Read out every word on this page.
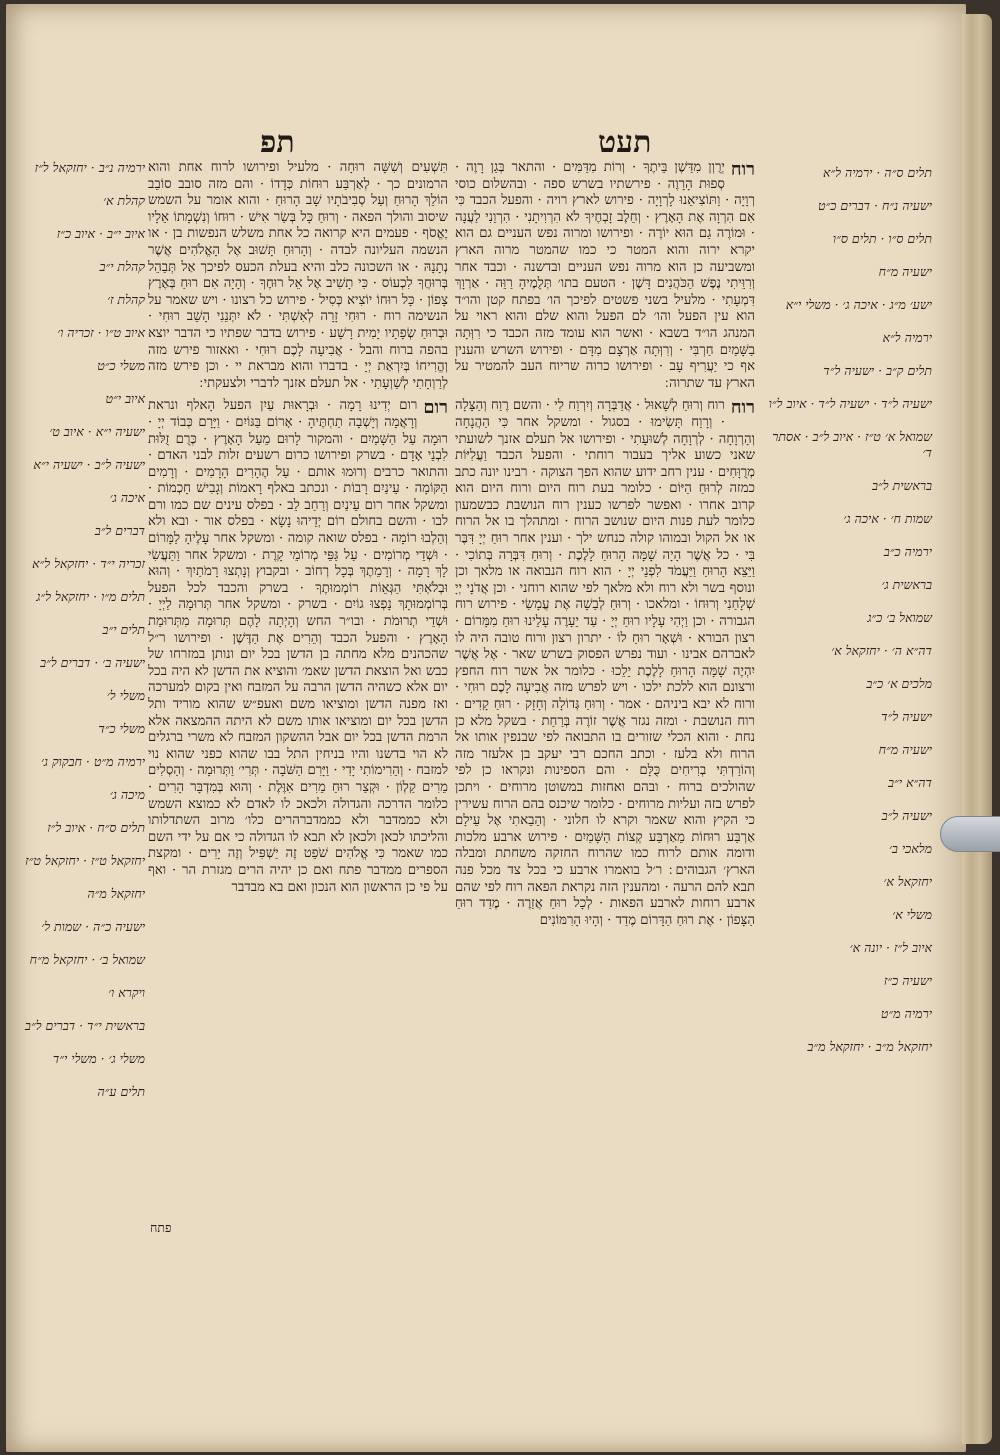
תפ	תעט
רוח

יְרֻוְן מִדַּשֶׁן בֵּיתֶךָ · וְרוֹת מִדַּמִּים · והתאר בְּגַן רָוֶה · סְפוּת הָרָוֶה · פירשתיו בשרש ספה · ובהשלום כוסי רְוָיָה · וַתּוֹצִיאֵנוּ לָרְוָיָה · פירוש לארץ רויה · והפעל הכבד כִּי אִם הִרְוָה אֶת הָאָרֶץ · וְחֵלֶב זָבְחֶיךָ לֹא הִרְוִיתָנִי · הִרְוֵנִי לַעֲנָה · וּמוֹרֶה גַם הוּא יוֹרֶה · ופירושו ומרוה נפש העניים גם הוא יקרא ירוה והוא המטר כי כמו שהמטר מרוה הארץ ומשביעה כן הוא מרוה נפש העניים ובדשנה · וכבד אחר וְרִוֵּיתִי נֶפֶשׁ הַכֹּהֲנִים דָּשֶׁן · הטעם בתו׳ תְּלֻמֶיהָ רַוֵּה · אַרְוָךְ דִּמְעָתִי · מלעיל בשני פשטים לפיכך הו׳ בפתח קטן והו״ד הוא עין הפעל והו׳ לם הפעל והוא שלם והוא ראוי על המנהג הו״ד בשבא · ואשר הוא עומד מזה הכבד כי רִוְּתָה בַשָּׁמַיִם חַרְבִּי · וְרִוְּתָה אַרְצָם מִדָּם · ופירוש השרש והענין אף כי יַעֲרִיף עָב · ופירושו כרוה שריוח העב להמטיר על הארץ עד שתרוה ׃

רוח

רוח וְרוּחַ לְשָׁאוּל · אֲדַבְּרָה וְיִרְוַח לִי · והשם רֶוַח וְהַצָּלָה · וְרָוַח תָּשִׂימוּ · בסגול · ומשקל אחר כִּי הַהֲנָחָה וְהָרְוָחָה · לְרְוָחָה לְשׁוּעָתִי · ופירושו אל תעלם אזנך לשועתי שאני כשוע אליך בעבור רוחתי · והפעל הכבד וַעֲלִיּוֹת מְרֻוָּחִים · ענין רחב ידוע שהוא הפך הצוקה · רבינו יונה כתב כמזה לְרוּחַ הַיּוֹם · כלומר בעת רוח היום ורוח היום הוא קרוב אחרו · ואפשר לפרשו כענין רוח הנושבת כבשמעון כלומר לעת פנות היום שנושב הרוח · ומתהלך בו אל הרוח או אל הקול ובמוהו קולה כנחש ילך · וענין אחר רוּחַ יְיָ דִּבֶּר בִּי · כל אֲשֶׁר הָיָה שָׁמָּה הָרוּחַ לָלֶכֶת · וְרוּחַ דִּבְּרָה בְּתוֹכִי · וַיֵּצֵא הָרוּחַ וַיַּעֲמֹד לִפְנֵי יְיָ · הוא רוח הנבואה או מלאך וכן ונוסף בשר ולא רוח ולא מלאך לפי שהוא רוחני · וכן אֲדֹנָי יְיָ שְׁלָחַנִי וְרוּחוֹ · ומלאכו · וְרוּחַ לְבַשָׁה אֶת עֲמָשַׂי · פירוש רוח הגבורה · וכן וַיְהִי עָלָיו רוּחַ יְיָ · עַד יֵעָרֶה עָלֵינוּ רוּחַ מִמָּרוֹם · רצון הבורא · וּשְׁאָר רוּחַ לוֹ · יתרון רצון ורוח טובה היה לו לאברהם אבינו · ועוד נפרש הפסוק בשרש שאר · אֶל אֲשֶׁר יִהְיֶה שָׁמָּה הָרוּחַ לָלֶכֶת יֵלֵכוּ · כלומר אל אשר רוח החפץ ורצונם הוא ללכת ילכו · ויש לפרש מזה אֲבִיעָה לָכֶם רוּחִי · ורוח לא יבא ביניהם · אמר · וְרוּחַ גְּדוֹלָה וְחָזָק · רוּחַ קָדִים · רוח הנושבת · ומזה נגזר אֲשֶׁר זוֹרֶה בְּרַחַת · בשקל מלא כן נחת · והוא הכלי שזורים בו התבואה לפי שבנפין אותו אל הרוח ולא בלעז · וכתב החכם רבי יעקב בן אלעזר מזה וְהוֹרַדְתִּי בְרִיחִים כֻּלָּם · והם הספינות ונקראו כן לפי שהולכים ברוח · ובהם ואחזות במשוטן מרוחים · ויתכן לפרש בזה ועליות מרוחים · כלומר שיכנס בהם הרוח עשירין כי הקיץ והוא שאמר וקרא לו חלוני · וְהֵבֵאתִי אֶל עֵילָם אַרְבַּע רוּחוֹת מֵאַרְבַּע קְצוֹת הַשָּׁמַיִם · פירוש ארבע מלכות ודומה אותם לרוח כמו שהרוח החזקה משחתת ומבלה הארץ׳ הגבוהים ׃ ר׳ל בואמרו ארבע כי בכל צד מכל פנה תבא להם הרעה · ומהענין הזה נקראת הפאה רוח לפי שהם ארבע רוחות לארבע הפאות · לְכָל רוּחַ אֲזַרֶה · מֶדַד רוּחַ הַצָּפוֹן · אֶת רוּחַ הַדָּרוֹם מֶדַד · וְהָיוּ הָרִמּוֹנִים

תִּשְׁעִים וְשִׁשָּׁה רוּחָה · מלעיל ופירושו לרוח אחת והוא הרמונים כך · לְאַרְבַּע רוּחוֹת כְּדָדוֹ · והם מזה סובב סוֹבֵב הוֹלֵךְ הָרוּחַ וְעַל סְבִיבֹתָיו שָׁב הָרוּחַ · והוא אומר על השמש שיסוב והולך הפאה · וְרוּחַ כָּל בְּשַׂר אִישׁ · רוּחוֹ וְנִשְׁמָתוֹ אֵלָיו יֶאֱסֹף · פעמים היא קרואה כל אחת משלש הנפשות בן · או הנשמה העליונה לבדה · וְהָרוּחַ תָּשׁוּב אֶל הָאֱלֹהִים אֲשֶׁר נְתָנָהּ · או השכונה כלב והיא בעלת הכעס לפיכך אַל תְּבַהֵל בְּרוּחֲךָ לִכְעוֹס · כִּי תָשִׁיב אֶל אֵל רוּחֶךָ · וְהָיָה אִם רוּחַ בְּאֶרֶץ צָפוֹן · כָּל רוּחוֹ יוֹצִיא כְּסִיל · פירוש כל רצונו · ויש שאמר על הנשימה רוח · רוּחִי זָרָה לְאִשְׁתִּי · לֹא יִתְּנֵנִי הָשֵׁב רוּחִי · וּבְרוּחַ שְׂפָתָיו יָמִית רָשָׁע · פירוש בדבר שפתיו כי הדבר יוצא בהפה ברוח והבל · אֲבִיעָה לָכֶם רוּחִי · ואאזור פירש מזה וְהֱרִיחוֹ בְּיִרְאַת יְיָ · בדברו והוא מבראת יי · וכן פירש מזה לְרַוְחָתִי לְשַׁוְעָתִי · אל תעלם אזנך לדברי ולצעקתי ׃

רום

רום יְדִינוּ רָמָה · וּבְרָאוּת עַיִן הפעל הָאלף ונראת וְרָאֲמָה וְיָשְׁבָה תַחְתֶּיהָ · אָרוֹם בַּגּוֹיִם · וַיָּרָם כְּבוֹד יְיָ · רוּמָה עַל הַשָּׁמַיִם · והמקור לָרוּם מֵעַל הָאָרֶץ · כְּרֻם זֻלּוּת לִבְנֵי אָדָם · בשרק ופירושו כרום רשעים זלות לבני האדם · והתואר כרבים וְרוּמוּ אותם · עַל הֶהָרִים הָרָמִים · וְרָמִים הַקּוֹמָה · עֵינַיִם רָבוֹת · ונכתב באלף רָאמוֹת וְגָבִישׁ חָכְמוֹת · ומשקל אחר רום עֵינַיִם וְרַחַב לֵב · בפלס עינים שם כמו ורם לבו · והשם בחולם רוֹם יְדֵיהוּ נָשָׂא · בפלס אור · ובא ולא וְהַלְבוּ רוֹמָה · בפלס שואה קומה · ומשקל אחר עָלֶיהָ לַמָּרוֹם · וּשְׁדֵי מְרוֹמִים · עַל גַּפֵּי מְרוֹמֵי קָרֶת · ומשקל אחר וַתַּעֲשִׂי לָךְ רָמָה · וְרָמֵתֶךְ בְּכָל רְחוֹב · ובקבוץ וְנָתְצוּ רָמֹתַיִךְ · וְהוּא וּבְלֹאְתִּי הַגְּאֵוֹת רוֹמְמוּתֶךָ · בשרק והכבד לכל הפעל בְּרוֹמְמוּתָךְ נָפְצוּ גוֹיִם · בשרק · ומשקל אחר תְּרוּמָה לַיְיָ · וּשְׁדֵי תְרוּמֹת · ובו״ר החש וְהָיְתָה לָהֶם תְּרוּמָה מִתְּרוּמַת הָאָרֶץ · והפעל הכבד וְהֵרִים אֶת הַדֶּשֶׁן · ופירושו ר״ל שהכהנים מלא מחתה בן הדשן בכל יום ונותן במזרחו של כבש ואל הוצאת הדשן שאמ׳ והוציא את הדשן לא היה בכל יום אלא כשהיה הדשן הרבה על המזבח ואין בקום למערכה ואז מפנה הדשן ומוציאו משם ואעפ״ש שהוא מוריד ותל הדשן בכל יום ומוציאו אותו משם לא היתה ההמצאה אלא הרמת הדשן בכל יום אבל ההשקון המזבח לא משרי ברגלים לא הוי בדשנו והיו בניחין התל בבו שהוא כפני שהוא נוי למזבח · וְהֵרִימוֹתִי יָדִי · וַיָּרִם הַשֹּׁבָה · תְּרִי׳ וַתְּרוּמָה · וְהַסְלִים מֵרִים קַלְוֹן · וּקְצַר רוּחַ מֵרִים אִוֶּלֶת · וְהוּא בְּמִדְבָּר הָרִים · כלומר הדרכה והגדולה ולכאכ לו לאדם לא כמוצא השמש ולא כממדבר ולא כממדברהרים כלו׳ מרוב השתדלותו והליכתו לכאן ולכאן לא תבא לו הגדולה כי אם על ידי השם כמו שאמר כִּי אֱלֹהִים שֹׁפֵט זֶה יַשְׁפִּיל וְזֶה יָרִים · ומקצת הספרים ממדבר פתח ואם כן יהיה הרים מגזרת הר · ואף על פי כן הראשון הוא הנכון ואם בא מבדבר

פתח
תלים ס״ה · ירמיה ל״א
ישעיה נ״ח · דברים כ״ט
תלים ס״ו · תלים ס״ו
ישעיה מ״ח
ישע׳ מ״ג · איכה ג׳ · משלי י״א
ירמיה ל״א
תלים ק״ב · ישעיה ל״ד
ישעיה ל״ד · ישעיה ל״ד · איוב ל״ו
שמואל א׳ ט״ז · איוב ל״ב · אסתר ד׳
בראשית ל״ב
שמות ח׳ · איכה ג׳
ירמיה כ״ב
בראשית ג׳
שמואל ב׳ כ״ג
דה״א ה׳ · יחזקאל א׳
מלכים א׳ כ״ב
ישעיה ל״ד
ישעיה מ״ח
דה״א י״ב
ישעיה ל״ב
מלאכי ב׳
יחזקאל א׳
משלי א׳
איוב ל״ז · יונה א׳
ישעיה כ״ז
ירמיה מ״ט
יחזקאל מ״ב · יחזקאל מ״ב
ירמיה נ״ב · יחזקאל ל״ז
קהלת א׳
איוב י״ב · איוב כ״ז
קהלת י״ב
קהלת ז׳
איוב ט״ו · זכריה ו׳
משלי כ״ט
איוב י״ט
ישעיה י״א · איוב ט׳
ישעיה ל״ב · ישעיה י״א
איכה ג׳
דברים ל״ב
זכריה י״ד · יחזקאל ל״א
תלים מ״ו · יחזקאל ל״ג
תלים י״ב
ישעיה ב׳ · דברים ל״ב
משלי ל׳
משלי כ״ד
ירמיה מ״ט · חבקוק ג׳
מיכה ג׳
תלים ס״ח · איוב ל״ז
יחזקאל ט״ז · יחזקאל ט״ז
יחזקאל מ״ה
ישעיה כ״ה · שמות ל׳
שמואל ב׳ · יחזקאל מ״ח
ויקרא ו׳
בראשית י״ד · דברים ל״ב
משלי ג׳ · משלי י״ד
תלים ע״ה
